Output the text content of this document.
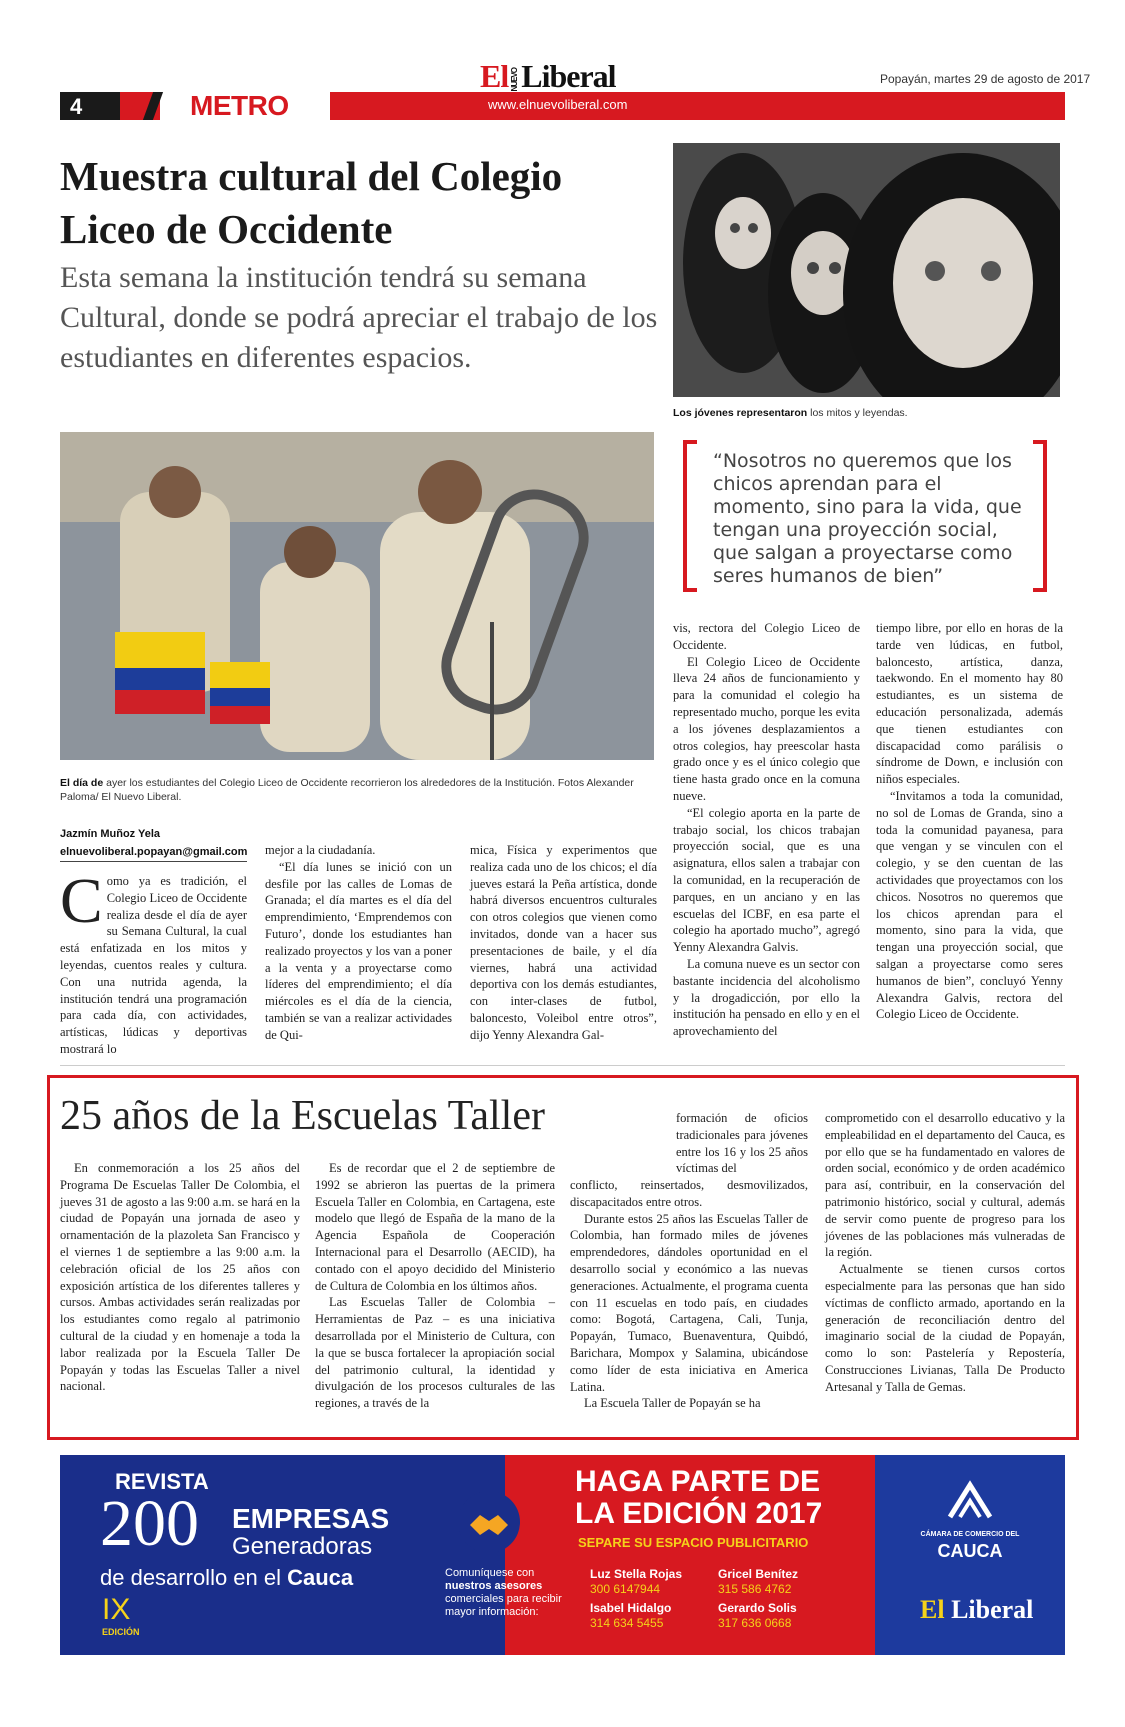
4	METRO
El NUEVOLiberal
www.elnuevoliberal.com
Popayán, martes 29 de agosto de 2017
Muestra cultural del Colegio Liceo de Occidente
Esta semana la institución tendrá su semana Cultural, donde se podrá apreciar el trabajo de los estudiantes en diferentes espacios.
Los jóvenes representaron los mitos y leyendas.
“Nosotros no queremos que los chicos aprendan para el momento, sino para la vida, que tengan una proyección social, que salgan a proyectarse como seres humanos de bien”
El día de ayer los estudiantes del Colegio Liceo de Occidente recorrieron los alrededores de la Institución. Fotos Alexander Paloma/ El Nuevo Liberal.
Jazmín Muñoz Yela
elnuevoliberal.popayan@gmail.com

Como ya es tradición, el Colegio Liceo de Occidente realiza desde el día de ayer su Semana Cultural, la cual está enfatizada en los mitos y leyendas, cuentos reales y cultura. Con una nutrida agenda, la institución tendrá una programación para cada día, con actividades, artísticas, lúdicas y deportivas mostrará lo

mejor a la ciudadanía.

“El día lunes se inició con un desfile por las calles de Lomas de Granada; el día martes es el día del emprendimiento, ‘Emprendemos con Futuro’, donde los estudiantes han realizado proyectos y los van a poner a la venta y a proyectarse como líderes del emprendimiento; el día miércoles es el día de la ciencia, también se van a realizar actividades de Qui-

mica, Física y experimentos que realiza cada uno de los chicos; el día jueves estará la Peña artística, donde habrá diversos encuentros culturales con otros colegios que vienen como invitados, donde van a hacer sus presentaciones de baile, y el día viernes, habrá una actividad deportiva con los demás estudiantes, con inter-clases de futbol, baloncesto, Voleibol entre otros”, dijo Yenny Alexandra Gal-

vis, rectora del Colegio Liceo de Occidente.

El Colegio Liceo de Occidente lleva 24 años de funcionamiento y para la comunidad el colegio ha representado mucho, porque les evita a los jóvenes desplazamientos a otros colegios, hay preescolar hasta grado once y es el único colegio que tiene hasta grado once en la comuna nueve.

“El colegio aporta en la parte de trabajo social, los chicos trabajan proyección social, que es una asignatura, ellos salen a trabajar con la comunidad, en la recuperación de parques, en un anciano y en las escuelas del ICBF, en esa parte el colegio ha aportado mucho”, agregó Yenny Alexandra Galvis.

La comuna nueve es un sector con bastante incidencia del alcoholismo y la drogadicción, por ello la institución ha pensado en ello y en el aprovechamiento del

tiempo libre, por ello en horas de la tarde ven lúdicas, en futbol, baloncesto, artística, danza, taekwondo. En el momento hay 80 estudiantes, es un sistema de educación personalizada, además que tienen estudiantes con discapacidad como parálisis o síndrome de Down, e inclusión con niños especiales.

“Invitamos a toda la comunidad, no sol de Lomas de Granda, sino a toda la comunidad payanesa, para que vengan y se vinculen con el colegio, y se den cuentan de las actividades que proyectamos con los chicos. Nosotros no queremos que los chicos aprendan para el momento, sino para la vida, que tengan una proyección social, que salgan a proyectarse como seres humanos de bien”, concluyó Yenny Alexandra Galvis, rectora del Colegio Liceo de Occidente.

25 años de la Escuelas Taller

En conmemoración a los 25 años del Programa De Escuelas Taller De Colombia, el jueves 31 de agosto a las 9:00 a.m. se hará en la ciudad de Popayán una jornada de aseo y ornamentación de la plazoleta San Francisco y el viernes 1 de septiembre a las 9:00 a.m. la celebración oficial de los 25 años con exposición artística de los diferentes talleres y cursos. Ambas actividades serán realizadas por los estudiantes como regalo al patrimonio cultural de la ciudad y en homenaje a toda la labor realizada por la Escuela Taller De Popayán y todas las Escuelas Taller a nivel nacional.

Es de recordar que el 2 de septiembre de 1992 se abrieron las puertas de la primera Escuela Taller en Colombia, en Cartagena, este modelo que llegó de España de la mano de la Agencia Española de Cooperación Internacional para el Desarrollo (AECID), ha contado con el apoyo decidido del Ministerio de Cultura de Colombia en los últimos años.

Las Escuelas Taller de Colombia – Herramientas de Paz – es una iniciativa desarrollada por el Ministerio de Cultura, con la que se busca fortalecer la apropiación social del patrimonio cultural, la identidad y divulgación de los procesos culturales de las regiones, a través de la

formación de oficios tradicionales para jóvenes entre los 16 y los 25 años víctimas del

conflicto, reinsertados, desmovilizados, discapacitados entre otros.

Durante estos 25 años las Escuelas Taller de Colombia, han formado miles de jóvenes emprendedores, dándoles oportunidad en el desarrollo social y económico a las nuevas generaciones. Actualmente, el programa cuenta con 11 escuelas en todo país, en ciudades como: Bogotá, Cartagena, Cali, Tunja, Popayán, Tumaco, Buenaventura, Quibdó, Barichara, Mompox y Salamina, ubicándose como líder de esta iniciativa en America Latina.

La Escuela Taller de Popayán se ha

comprometido con el desarrollo educativo y la empleabilidad en el departamento del Cauca, es por ello que se ha fundamentado en valores de orden social, económico y de orden académico para así, contribuir, en la conservación del patrimonio histórico, social y cultural, además de servir como puente de progreso para los jóvenes de las poblaciones más vulneradas de la región.

Actualmente se tienen cursos cortos especialmente para las personas que han sido víctimas de conflicto armado, aportando en la generación de reconciliación dentro del imaginario social de la ciudad de Popayán, como lo son: Pastelería y Repostería, Construcciones Livianas, Talla De Producto Artesanal y Talla de Gemas.

REVISTA
200 EMPRESAS
Generadoras
de desarrollo en el Cauca
IX
EDICIÓN
HAGA PARTE DE
LA EDICIÓN 2017
SEPARE SU ESPACIO PUBLICITARIO
Comuníquese con
nuestros asesores
comerciales para recibir mayor información:
Luz Stella Rojas
300 6147944
Gricel Benítez
315 586 4762
Isabel Hidalgo
314 634 5455
Gerardo Solis
317 636 0668
CÁMARA DE COMERCIO DEL
CAUCA
El Liberal
